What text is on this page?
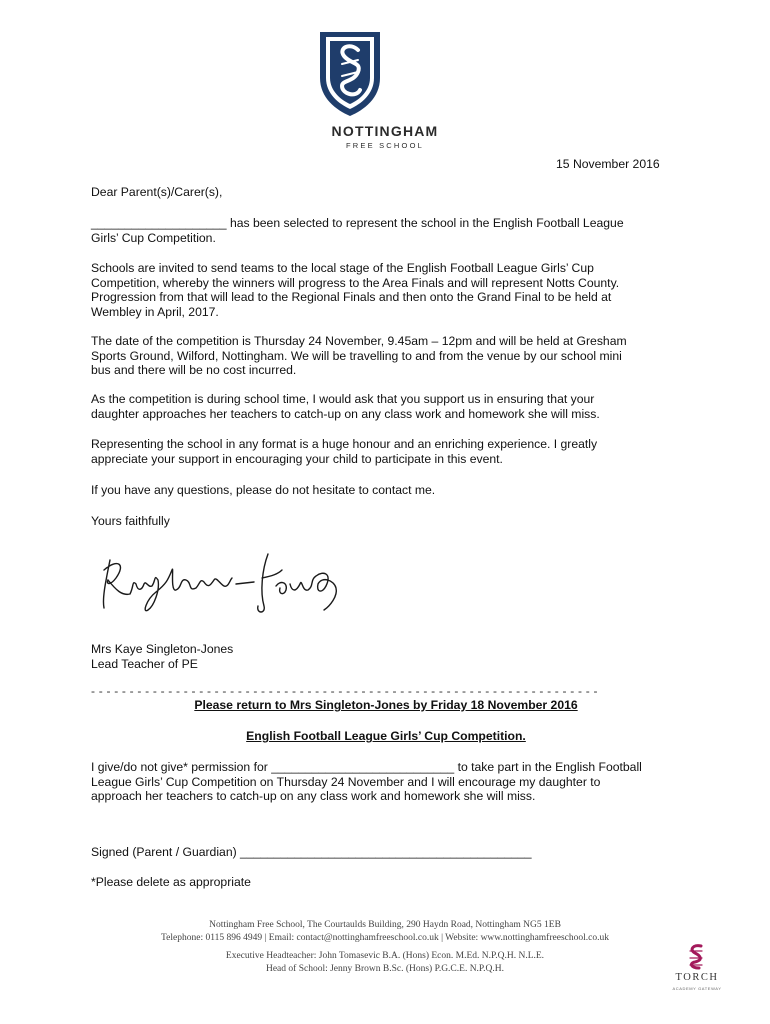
NOTTINGHAM
FREE SCHOOL
15 November 2016
Dear Parent(s)/Carer(s),
____________________ has been selected to represent the school in the English Football League
Girls’ Cup Competition.
Schools are invited to send teams to the local stage of the English Football League Girls’ Cup
Competition, whereby the winners will progress to the Area Finals and will represent Notts County.
Progression from that will lead to the Regional Finals and then onto the Grand Final to be held at
Wembley in April, 2017.
The date of the competition is Thursday 24 November, 9.45am – 12pm and will be held at Gresham
Sports Ground, Wilford, Nottingham. We will be travelling to and from the venue by our school mini
bus and there will be no cost incurred.
As the competition is during school time, I would ask that you support us in ensuring that your
daughter approaches her teachers to catch-up on any class work and homework she will miss.
Representing the school in any format is a huge honour and an enriching experience. I greatly
appreciate your support in encouraging your child to participate in this event.
If you have any questions, please do not hesitate to contact me.
Yours faithfully
Mrs Kaye Singleton-Jones
Lead Teacher of PE
- - - - - - - - - - - - - - - - - - - - - - - - - - - - - - - - - - - - - - - - - - - - - - - - - - - - - - - - - - - - - - - - - -
Please return to Mrs Singleton-Jones by Friday 18 November 2016
English Football League Girls’ Cup Competition.
I give/do not give* permission for ___________________________ to take part in the English Football
League Girls’ Cup Competition on Thursday 24 November and I will encourage my daughter to
approach her teachers to catch-up on any class work and homework she will miss.
Signed (Parent / Guardian) ___________________________________________
*Please delete as appropriate
Nottingham Free School, The Courtaulds Building, 290 Haydn Road, Nottingham NG5 1EB
Telephone: 0115 896 4949 | Email: contact@nottinghamfreeschool.co.uk | Website: www.nottinghamfreeschool.co.uk
Executive Headteacher: John Tomasevic B.A. (Hons) Econ. M.Ed. N.P.Q.H. N.L.E.
Head of School: Jenny Brown B.Sc. (Hons) P.G.C.E. N.P.Q.H.
TORCH
ACADEMY GATEWAY
